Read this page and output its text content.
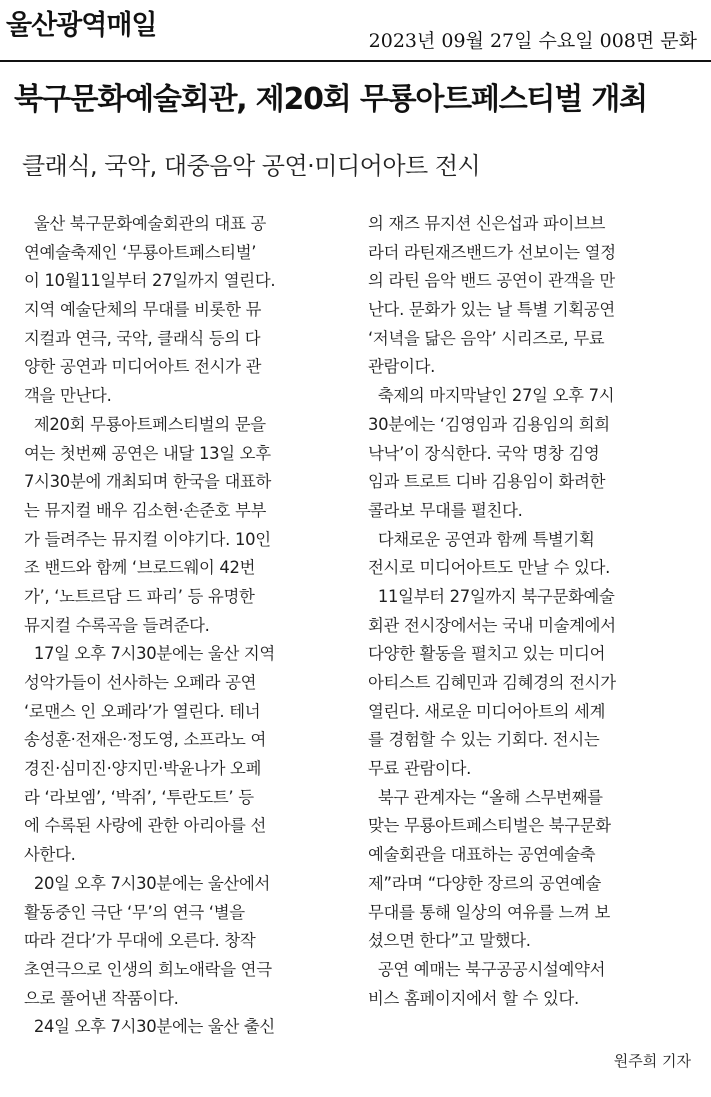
울산광역매일	2023년 09월 27일 수요일 008면 문화
북구문화예술회관, 제20회 무룡아트페스티벌 개최
클래식, 국악, 대중음악 공연·미디어아트 전시
울산 북구문화예술회관의 대표 공
연예술축제인 ‘무룡아트페스티벌’
이 10월11일부터 27일까지 열린다.
지역 예술단체의 무대를 비롯한 뮤
지컬과 연극, 국악, 클래식 등의 다
양한 공연과 미디어아트 전시가 관
객을 만난다.
제20회 무룡아트페스티벌의 문을
여는 첫번째 공연은 내달 13일 오후
7시30분에 개최되며 한국을 대표하
는 뮤지컬 배우 김소현·손준호 부부
가 들려주는 뮤지컬 이야기다. 10인
조 밴드와 함께 ‘브로드웨이 42번
가’, ‘노트르담 드 파리’ 등 유명한
뮤지컬 수록곡을 들려준다.
17일 오후 7시30분에는 울산 지역
성악가들이 선사하는 오페라 공연
‘로맨스 인 오페라’가 열린다. 테너
송성훈·전재은·정도영, 소프라노 여
경진·심미진·양지민·박윤나가 오페
라 ‘라보엠’, ‘박쥐’, ‘투란도트’ 등
에 수록된 사랑에 관한 아리아를 선
사한다.
20일 오후 7시30분에는 울산에서
활동중인 극단 ‘무’의 연극 ‘별을
따라 걷다’가 무대에 오른다. 창작
초연극으로 인생의 희노애락을 연극
으로 풀어낸 작품이다.
24일 오후 7시30분에는 울산 출신
의 재즈 뮤지션 신은섭과 파이브브
라더 라틴재즈밴드가 선보이는 열정
의 라틴 음악 밴드 공연이 관객을 만
난다. 문화가 있는 날 특별 기획공연
‘저녁을 닮은 음악’ 시리즈로, 무료
관람이다.
축제의 마지막날인 27일 오후 7시
30분에는 ‘김영임과 김용임의 희희
낙낙’이 장식한다. 국악 명창 김영
임과 트로트 디바 김용임이 화려한
콜라보 무대를 펼친다.
다채로운 공연과 함께 특별기획
전시로 미디어아트도 만날 수 있다.
11일부터 27일까지 북구문화예술
회관 전시장에서는 국내 미술계에서
다양한 활동을 펼치고 있는 미디어
아티스트 김혜민과 김혜경의 전시가
열린다. 새로운 미디어아트의 세계
를 경험할 수 있는 기회다. 전시는
무료 관람이다.
북구 관계자는 “올해 스무번째를
맞는 무룡아트페스티벌은 북구문화
예술회관을 대표하는 공연예술축
제”라며 “다양한 장르의 공연예술
무대를 통해 일상의 여유를 느껴 보
셨으면 한다”고 말했다.
공연 예매는 북구공공시설예약서
비스 홈페이지에서 할 수 있다.
원주희 기자
